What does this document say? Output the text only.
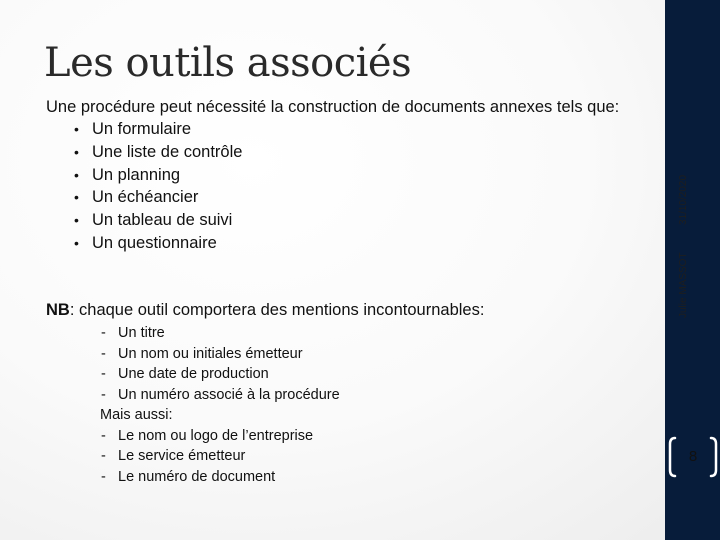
Les outils associés
Une procédure peut nécessité la construction de documents annexes tels que:
• Un formulaire
• Une liste de contrôle
• Un planning
• Un échéancier
• Un tableau de suivi
• Un questionnaire
NB: chaque outil comportera des mentions incontournables:
- Un titre
- Un nom ou initiales émetteur
- Une date de production
- Un numéro associé à la procédure
Mais aussi:
- Le nom ou logo de l’entreprise
- Le service émetteur
- Le numéro de document
Julie MASSOT
31/10/2020
8
